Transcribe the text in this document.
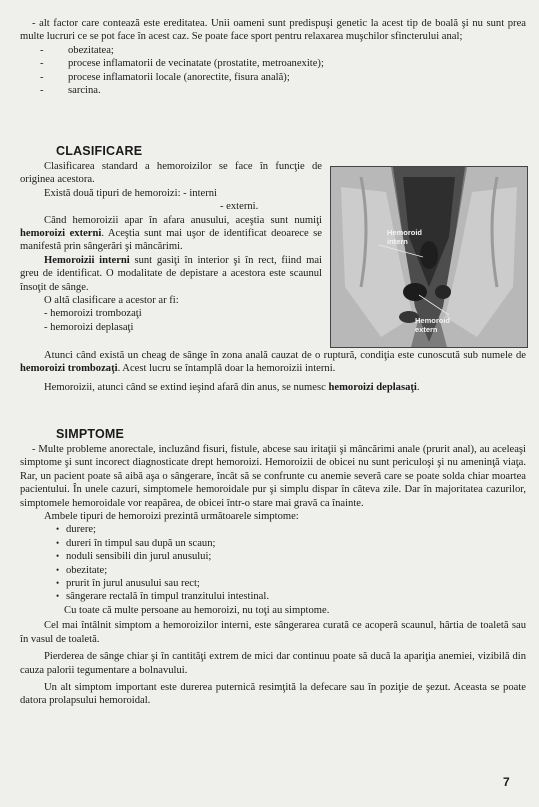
- alt factor care contează este ereditatea. Unii oameni sunt predispuşi genetic la acest tip de boală şi nu sunt prea multe lucruri ce se pot face în acest caz. Se poate face sport pentru relaxarea muşchilor sfincterului anal;

- obezitatea;
- procese inflamatorii de vecinatate (prostatite, metroanexite);
- procese inflamatorii locale (anorectite, fisura anală);
- sarcina.
CLASIFICARE

Clasificarea standard a hemoroizilor se face în funcţie de originea acestora.

Există două tipuri de hemoroizi: - interni

- externi.

Când hemoroizii apar în afara anusului, aceştia sunt numiţi hemoroizi externi. Aceştia sunt mai uşor de identificat deoarece se manifestă prin sângerări şi mâncărimi.

Hemoroizii interni sunt gasiţi în interior şi în rect, fiind mai greu de identificat. O modalitate de depistare a acestora este scaunul însoţit de sânge.

O altă clasificare a acestor ar fi:

- hemoroizi trombozaţi

- hemoroizi deplasaţi

Atunci când există un cheag de sânge în zona anală cauzat de o ruptură, condiţia este cunoscută sub numele de hemoroizi trombozaţi. Acest lucru se întamplă doar la hemoroizii interni.

Hemoroizii, atunci când se extind ieşind afară din anus, se numesc hemoroizi deplasaţi.

Hemoroid
intern
Hemoroid
extern
SIMPTOME

- Multe probleme anorectale, incluzând fisuri, fistule, abcese sau iritaţii şi mâncărimi anale (prurit anal), au aceleaşi simptome şi sunt incorect diagnosticate drept hemoroizi. Hemoroizii de obicei nu sunt periculoşi şi nu ameninţă viaţa. Rar, un pacient poate să aibă aşa o sângerare, încât să se confrunte cu anemie severă care se poate solda chiar moartea pacientului. În unele cazuri, simptomele hemoroidale pur şi simplu dispar în câteva zile. Dar în majoritatea cazurilor, simptomele hemoroidale vor reapărea, de obicei într-o stare mai gravă ca înainte.

Ambele tipuri de hemoroizi prezintă următoarele simptome:

• durere;
• dureri în timpul sau după un scaun;
• noduli sensibili din jurul anusului;
• obezitate;
• prurit în jurul anusului sau rect;
• sângerare rectală în timpul tranzitului intestinal.

Cu toate că multe persoane au hemoroizi, nu toţi au simptome.

Cel mai întâlnit simptom a hemoroizilor interni, este sângerarea curată ce acoperă scaunul, hârtia de toaletă sau în vasul de toaletă.

Pierderea de sânge chiar şi în cantităţi extrem de mici dar continuu poate să ducă la apariţia anemiei, vizibilă din cauza palorii tegumentare a bolnavului.

Un alt simptom important este durerea puternică resimţită la defecare sau în poziţie de şezut. Aceasta se poate datora prolapsului hemoroidal.

7
